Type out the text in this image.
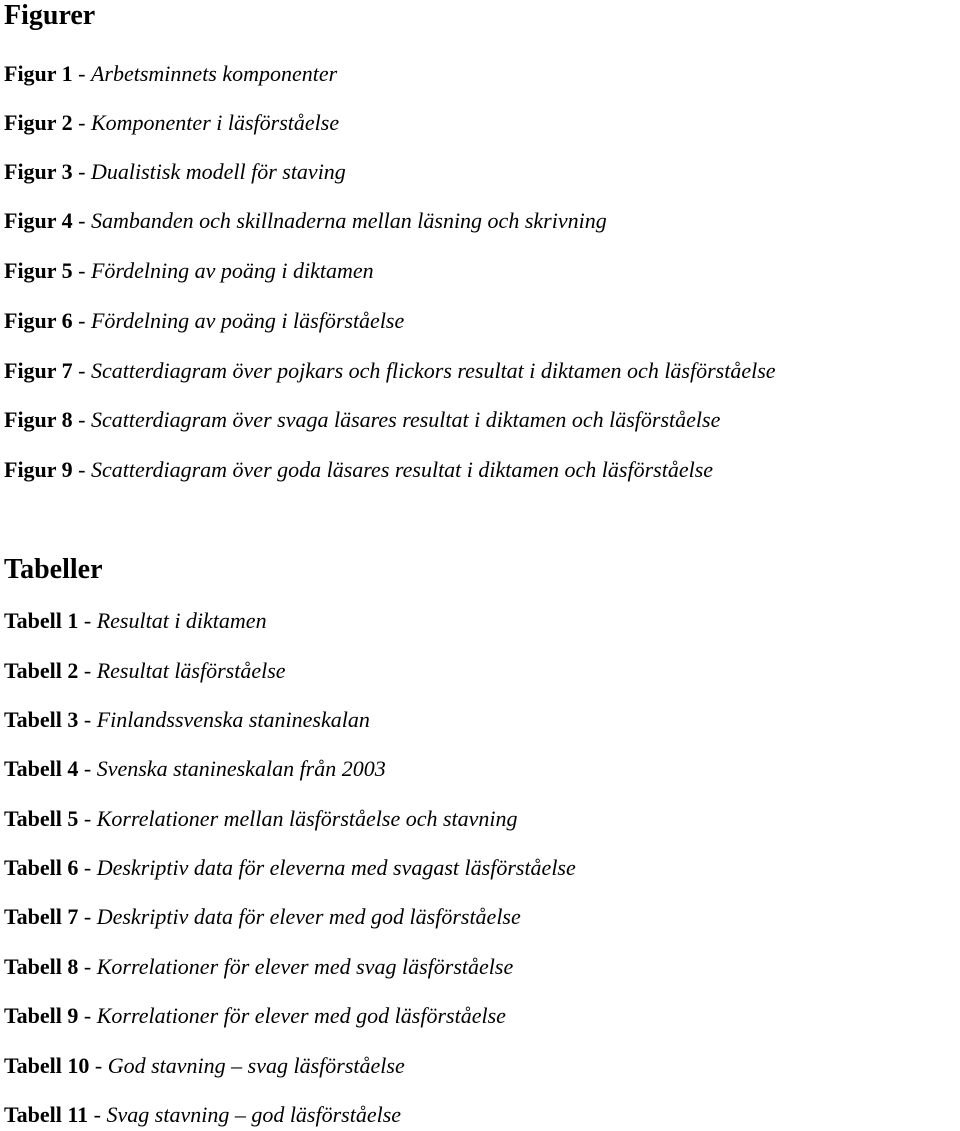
Figurer

Figur 1 - Arbetsminnets komponenter

Figur 2 - Komponenter i läsförståelse

Figur 3 - Dualistisk modell för staving

Figur 4 - Sambanden och skillnaderna mellan läsning och skrivning

Figur 5 - Fördelning av poäng i diktamen

Figur 6 - Fördelning av poäng i läsförståelse

Figur 7 - Scatterdiagram över pojkars och flickors resultat i diktamen och läsförståelse

Figur 8 - Scatterdiagram över svaga läsares resultat i diktamen och läsförståelse

Figur 9 - Scatterdiagram över goda läsares resultat i diktamen och läsförståelse

Tabeller

Tabell 1 - Resultat i diktamen

Tabell 2 - Resultat läsförståelse

Tabell 3 - Finlandssvenska stanineskalan

Tabell 4 - Svenska stanineskalan från 2003

Tabell 5 - Korrelationer mellan läsförståelse och stavning

Tabell 6 - Deskriptiv data för eleverna med svagast läsförståelse

Tabell 7 - Deskriptiv data för elever med god läsförståelse

Tabell 8 - Korrelationer för elever med svag läsförståelse

Tabell 9 - Korrelationer för elever med god läsförståelse

Tabell 10 - God stavning – svag läsförståelse

Tabell 11 - Svag stavning – god läsförståelse
